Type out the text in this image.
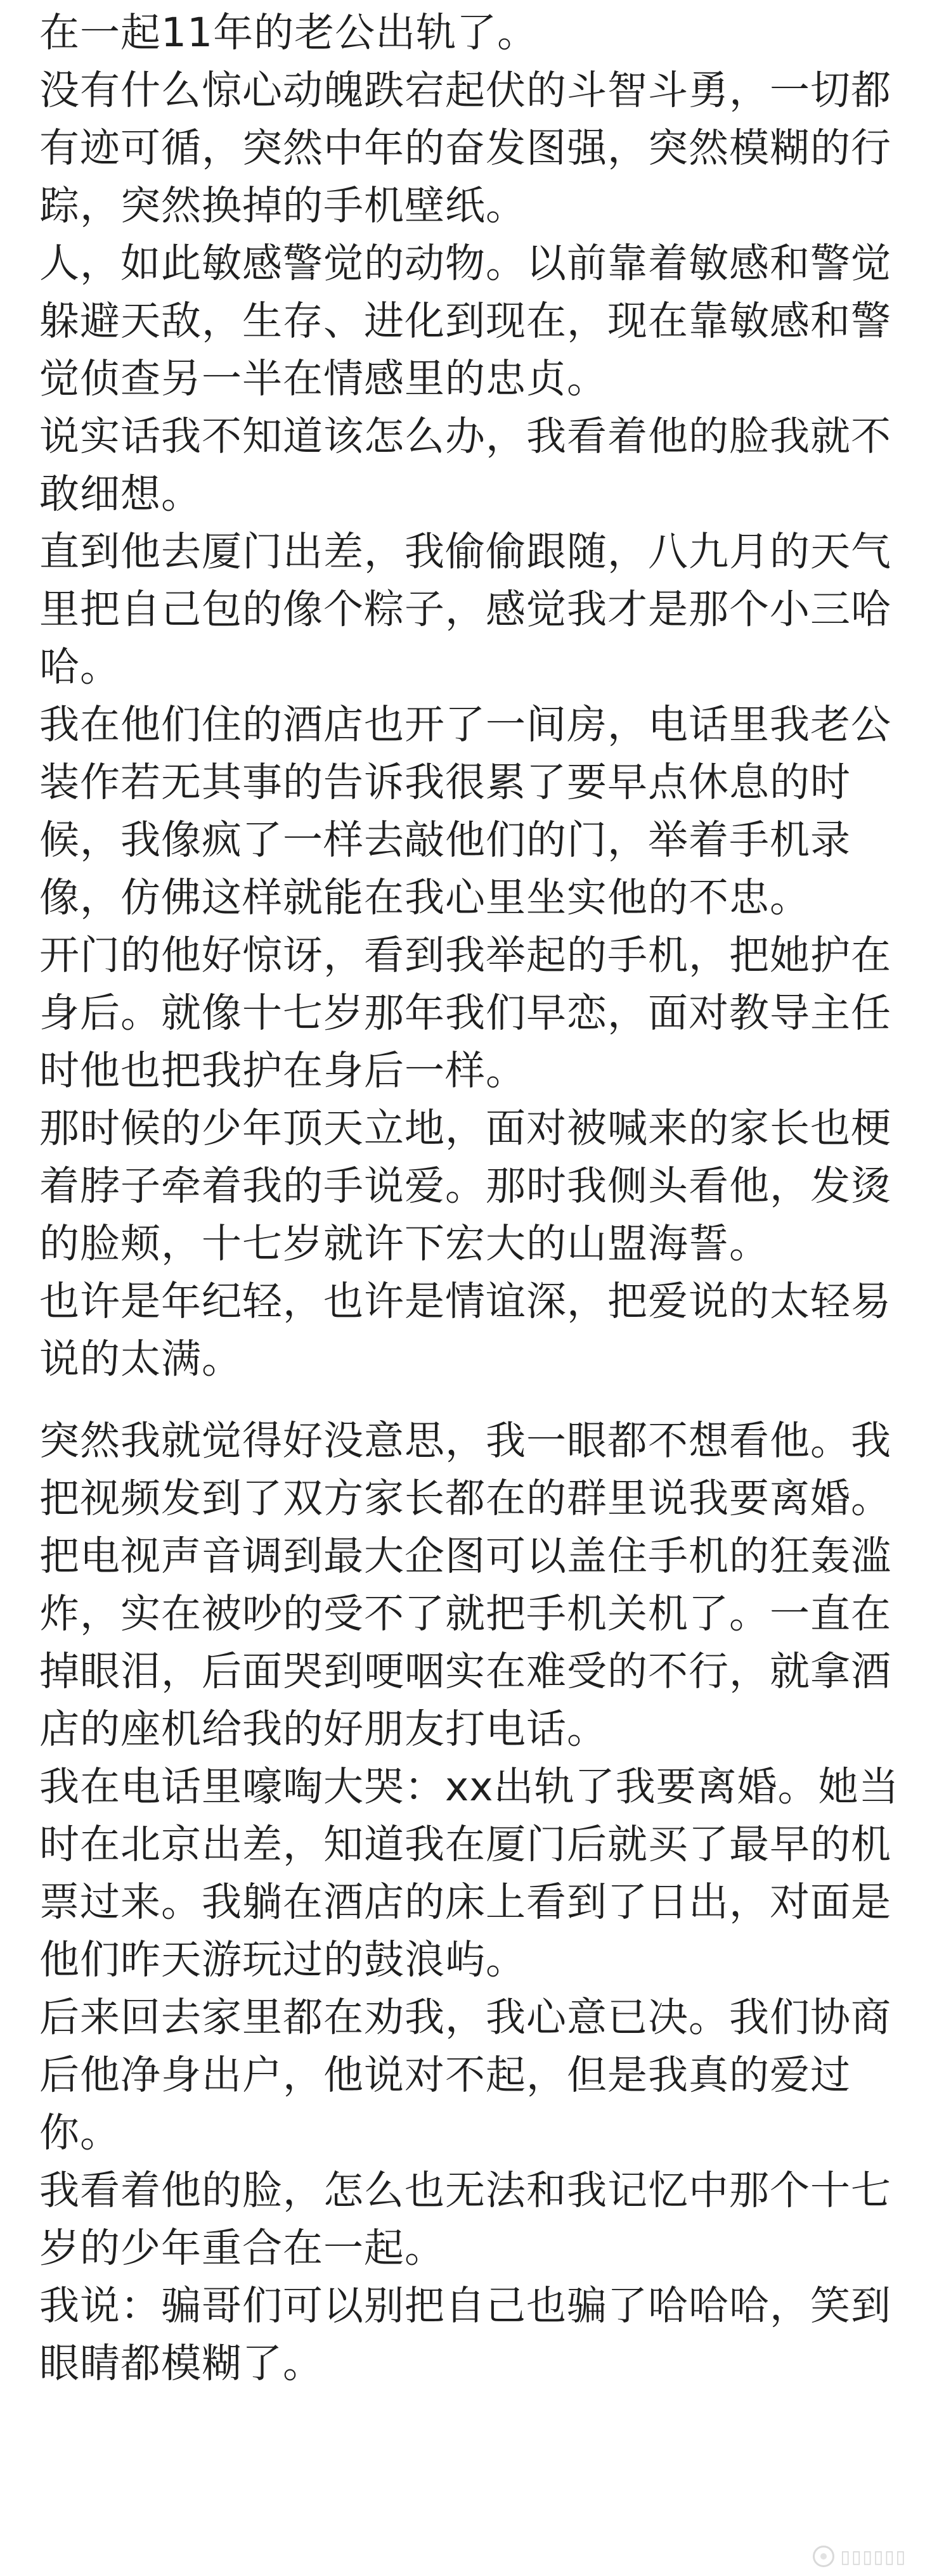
在一起11年的老公出轨了。

没有什么惊心动魄跌宕起伏的斗智斗勇，一切都有迹可循，突然中年的奋发图强，突然模糊的行踪，突然换掉的手机壁纸。

人，如此敏感警觉的动物。以前靠着敏感和警觉躲避天敌，生存、进化到现在，现在靠敏感和警觉侦查另一半在情感里的忠贞。

说实话我不知道该怎么办，我看着他的脸我就不敢细想。

直到他去厦门出差，我偷偷跟随，八九月的天气里把自己包的像个粽子，感觉我才是那个小三哈哈。

我在他们住的酒店也开了一间房，电话里我老公装作若无其事的告诉我很累了要早点休息的时候，我像疯了一样去敲他们的门，举着手机录像，仿佛这样就能在我心里坐实他的不忠。

开门的他好惊讶，看到我举起的手机，把她护在身后。就像十七岁那年我们早恋，面对教导主任时他也把我护在身后一样。

那时候的少年顶天立地，面对被喊来的家长也梗着脖子牵着我的手说爱。那时我侧头看他，发烫的脸颊，十七岁就许下宏大的山盟海誓。

也许是年纪轻，也许是情谊深，把爱说的太轻易说的太满。

突然我就觉得好没意思，我一眼都不想看他。我把视频发到了双方家长都在的群里说我要离婚。

把电视声音调到最大企图可以盖住手机的狂轰滥炸，实在被吵的受不了就把手机关机了。一直在掉眼泪，后面哭到哽咽实在难受的不行，就拿酒店的座机给我的好朋友打电话。

我在电话里嚎啕大哭：xx出轨了我要离婚。她当时在北京出差，知道我在厦门后就买了最早的机票过来。我躺在酒店的床上看到了日出，对面是他们昨天游玩过的鼓浪屿。

后来回去家里都在劝我，我心意已决。我们协商后他净身出户，他说对不起，但是我真的爱过你。

我看着他的脸，怎么也无法和我记忆中那个十七岁的少年重合在一起。

我说：骗哥们可以别把自己也骗了哈哈哈，笑到眼睛都模糊了。

▯▯▯▯▯▯
